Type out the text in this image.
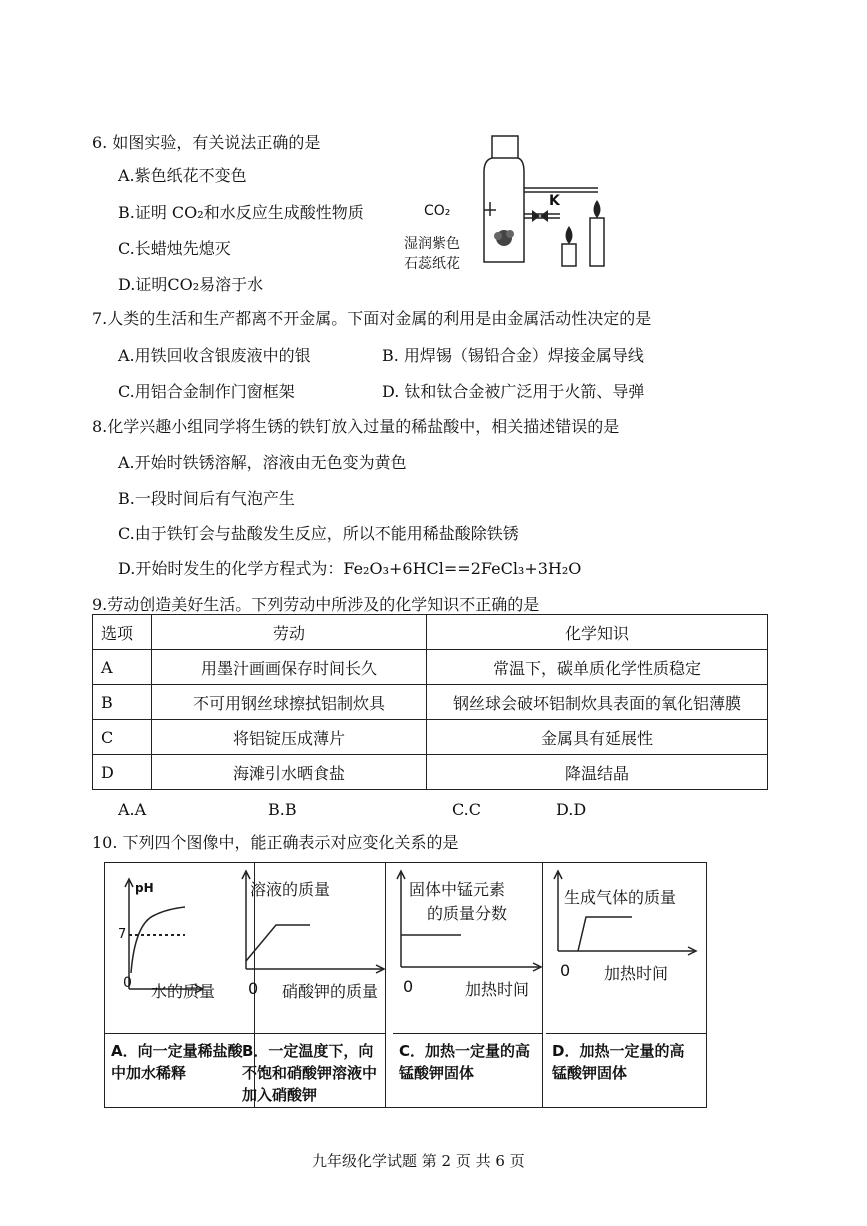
6. 如图实验，有关说法正确的是
A.紫色纸花不变色
B.证明 CO₂和水反应生成酸性物质
C.长蜡烛先熄灭
D.证明CO₂易溶于水
CO₂
K
湿润紫色
石蕊纸花
7.人类的生活和生产都离不开金属。下面对金属的利用是由金属活动性决定的是
A.用铁回收含银废液中的银	B. 用焊锡（锡铅合金）焊接金属导线
C.用铝合金制作门窗框架	D. 钛和钛合金被广泛用于火箭、导弹
8.化学兴趣小组同学将生锈的铁钉放入过量的稀盐酸中，相关描述错误的是
A.开始时铁锈溶解，溶液由无色变为黄色
B.一段时间后有气泡产生
C.由于铁钉会与盐酸发生反应，所以不能用稀盐酸除铁锈
D.开始时发生的化学方程式为：Fe₂O₃+6HCl==2FeCl₃+3H₂O
9.劳动创造美好生活。下列劳动中所涉及的化学知识不正确的是
选项	劳动	化学知识
A	用墨汁画画保存时间长久	常温下，碳单质化学性质稳定
B	不可用钢丝球擦拭铝制炊具	钢丝球会破坏铝制炊具表面的氧化铝薄膜
C	将铝锭压成薄片	金属具有延展性
D	海滩引水晒食盐	降温结晶
A.A	B.B	C.C	D.D
10. 下列四个图像中，能正确表示对应变化关系的是
pH
7
0 水的质量
A．向一定量稀盐酸中加水稀释
溶液的质量
0 硝酸钾的质量
B．一定温度下，向不饱和硝酸钾溶液中加入硝酸钾
固体中锰元素
的质量分数
0	加热时间
C．加热一定量的高锰酸钾固体
生成气体的质量
0 加热时间
D．加热一定量的高锰酸钾固体
九年级化学试题 第 2 页 共 6 页
